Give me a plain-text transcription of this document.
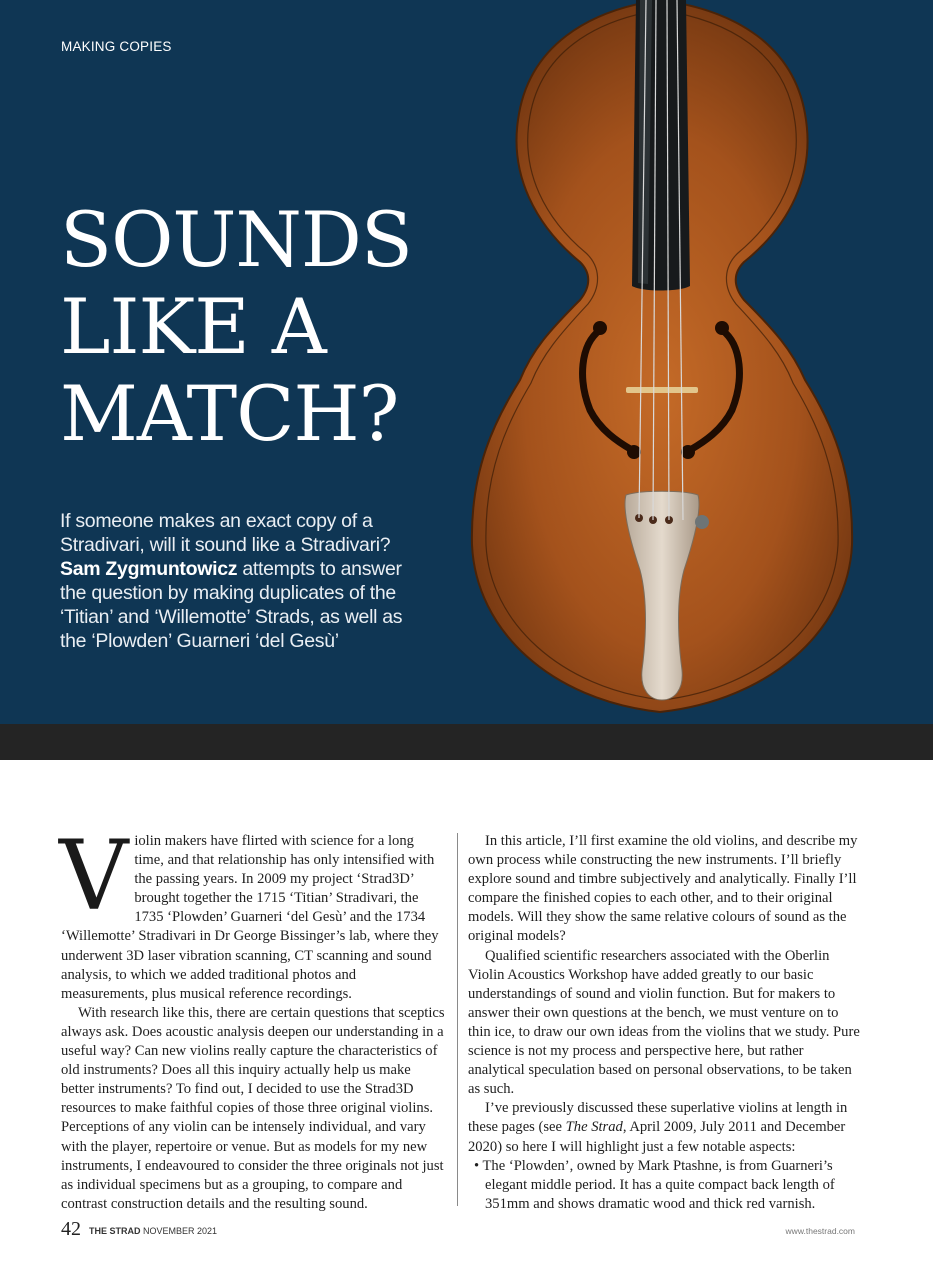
MAKING COPIES
SOUNDS
LIKE A
MATCH?

If someone makes an exact copy of a Stradivari, will it sound like a Stradivari? Sam Zygmuntowicz attempts to answer the question by making duplicates of the ‘Titian’ and ‘Willemotte’ Strads, as well as the ‘Plowden’ Guarneri ‘del Gesù’

V iolin makers have flirted with science for a long time, and that relationship has only intensified with the passing years. In 2009 my project ‘Strad3D’ brought together the 1715 ‘Titian’ Stradivari, the 1735 ‘Plowden’ Guarneri ‘del Gesù’ and the 1734 ‘Willemotte’ Stradivari in Dr George Bissinger’s lab, where they underwent 3D laser vibration scanning, CT scanning and sound analysis, to which we added traditional photos and measurements, plus musical reference recordings.

With research like this, there are certain questions that sceptics always ask. Does acoustic analysis deepen our understanding in a useful way? Can new violins really capture the characteristics of old instruments? Does all this inquiry actually help us make better instruments? To find out, I decided to use the Strad3D resources to make faithful copies of those three original violins. Perceptions of any violin can be intensely individual, and vary with the player, repertoire or venue. But as models for my new instruments, I endeavoured to consider the three originals not just as individual specimens but as a grouping, to compare and contrast construction details and the resulting sound.

In this article, I’ll first examine the old violins, and describe my own process while constructing the new instruments. I’ll briefly explore sound and timbre subjectively and analytically. Finally I’ll compare the finished copies to each other, and to their original models. Will they show the same relative colours of sound as the original models?

Qualified scientific researchers associated with the Oberlin Violin Acoustics Workshop have added greatly to our basic understandings of sound and violin function. But for makers to answer their own questions at the bench, we must venture on to thin ice, to draw our own ideas from the violins that we study. Pure science is not my process and perspective here, but rather analytical speculation based on personal observations, to be taken as such.

I’ve previously discussed these superlative violins at length in these pages (see The Strad, April 2009, July 2011 and December 2020) so here I will highlight just a few notable aspects:

• The ‘Plowden’, owned by Mark Ptashne, is from Guarneri’s elegant middle period. It has a quite compact back length of 351mm and shows dramatic wood and thick red varnish.

42 THE STRAD NOVEMBER 2021	www.thestrad.com
